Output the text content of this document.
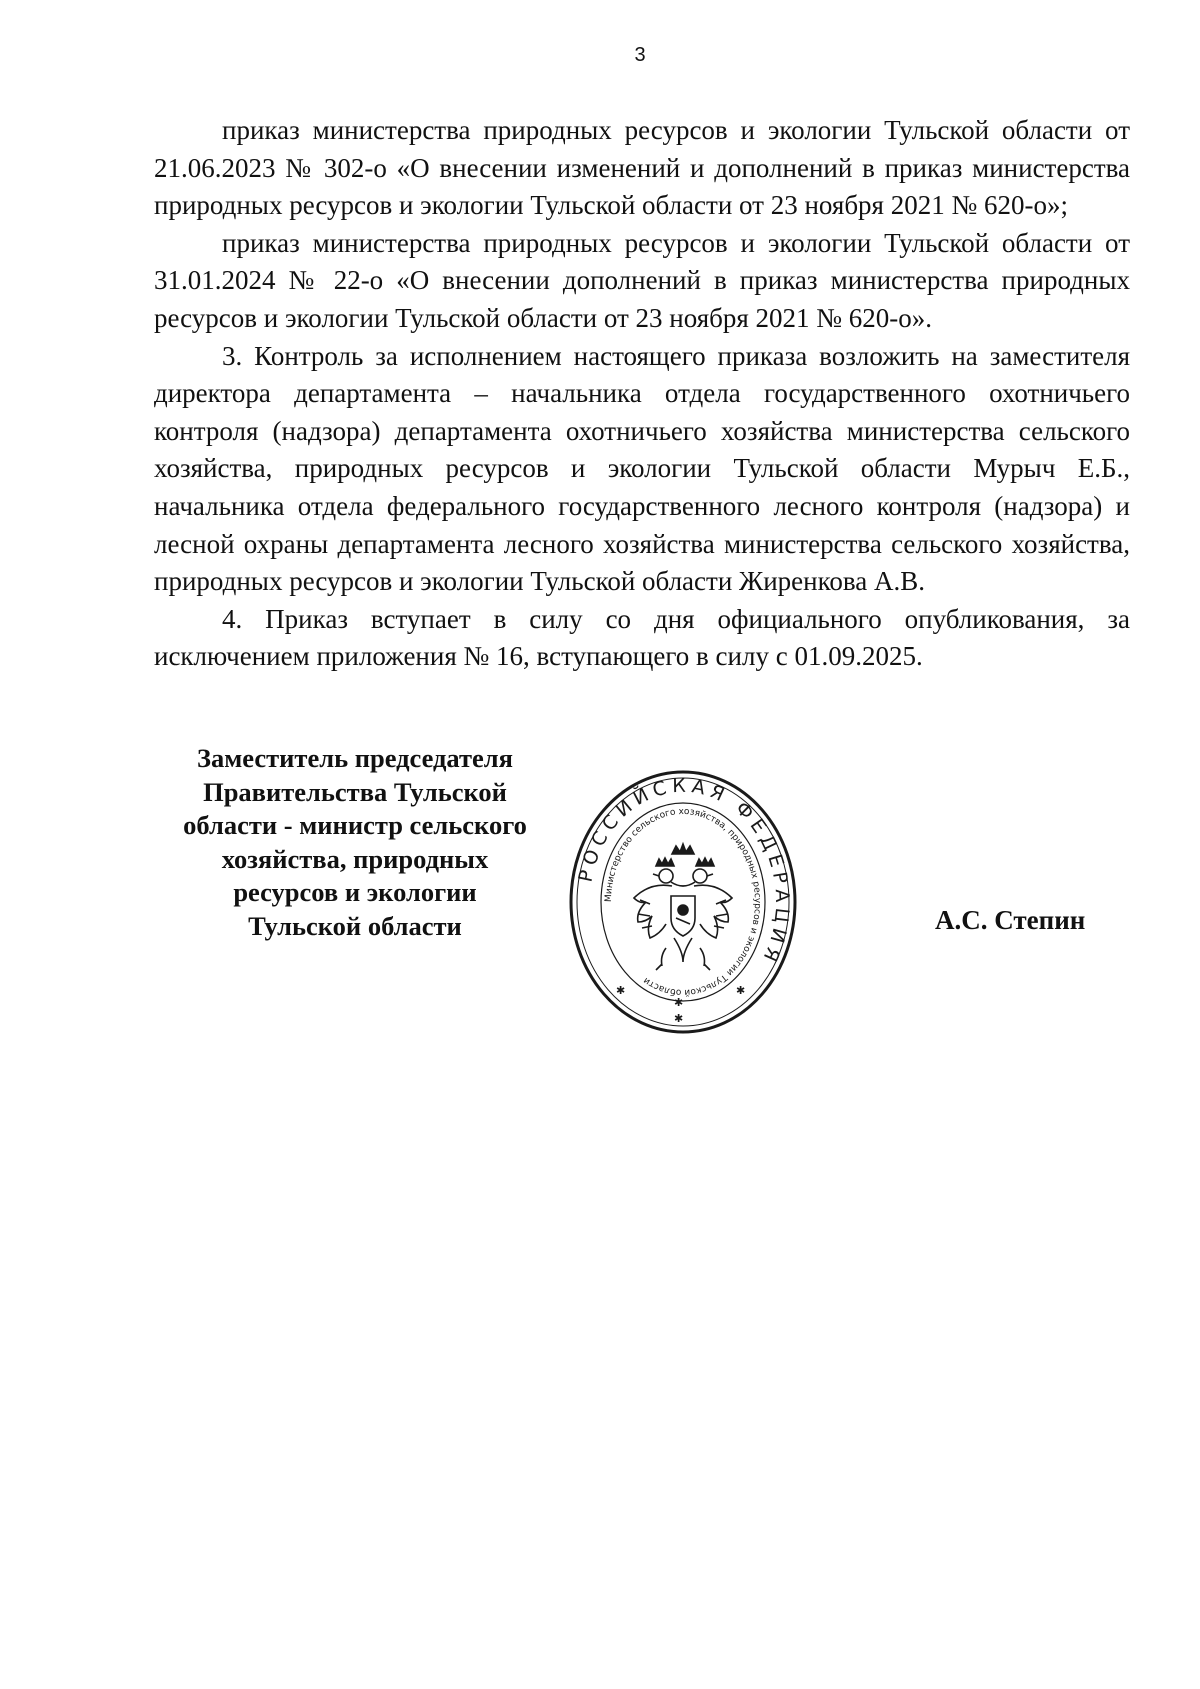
3

приказ министерства природных ресурсов и экологии Тульской области от 21.06.2023 № 302-о «О внесении изменений и дополнений в приказ министерства природных ресурсов и экологии Тульской области от 23 ноября 2021 № 620-о»;

приказ министерства природных ресурсов и экологии Тульской области от 31.01.2024 № 22-о «О внесении дополнений в приказ министерства природных ресурсов и экологии Тульской области от 23 ноября 2021 № 620-о».

3. Контроль за исполнением настоящего приказа возложить на заместителя директора департамента – начальника отдела государственного охотничьего контроля (надзора) департамента охотничьего хозяйства министерства сельского хозяйства, природных ресурсов и экологии Тульской области Мурыч Е.Б., начальника отдела федерального государственного лесного контроля (надзора) и лесной охраны департамента лесного хозяйства министерства сельского хозяйства, природных ресурсов и экологии Тульской области Жиренкова А.В.

4. Приказ вступает в силу со дня официального опубликования, за исключением приложения № 16, вступающего в силу с 01.09.2025.

Заместитель председателя
Правительства Тульской
области - министр сельского
хозяйства, природных
ресурсов и экологии
Тульской области
РОССИЙСКАЯ ФЕДЕРАЦИЯ
Министерство сельского хозяйства, природных ресурсов и экологии Тульской области
✱
✱
✱
✱
А.С. Степин
